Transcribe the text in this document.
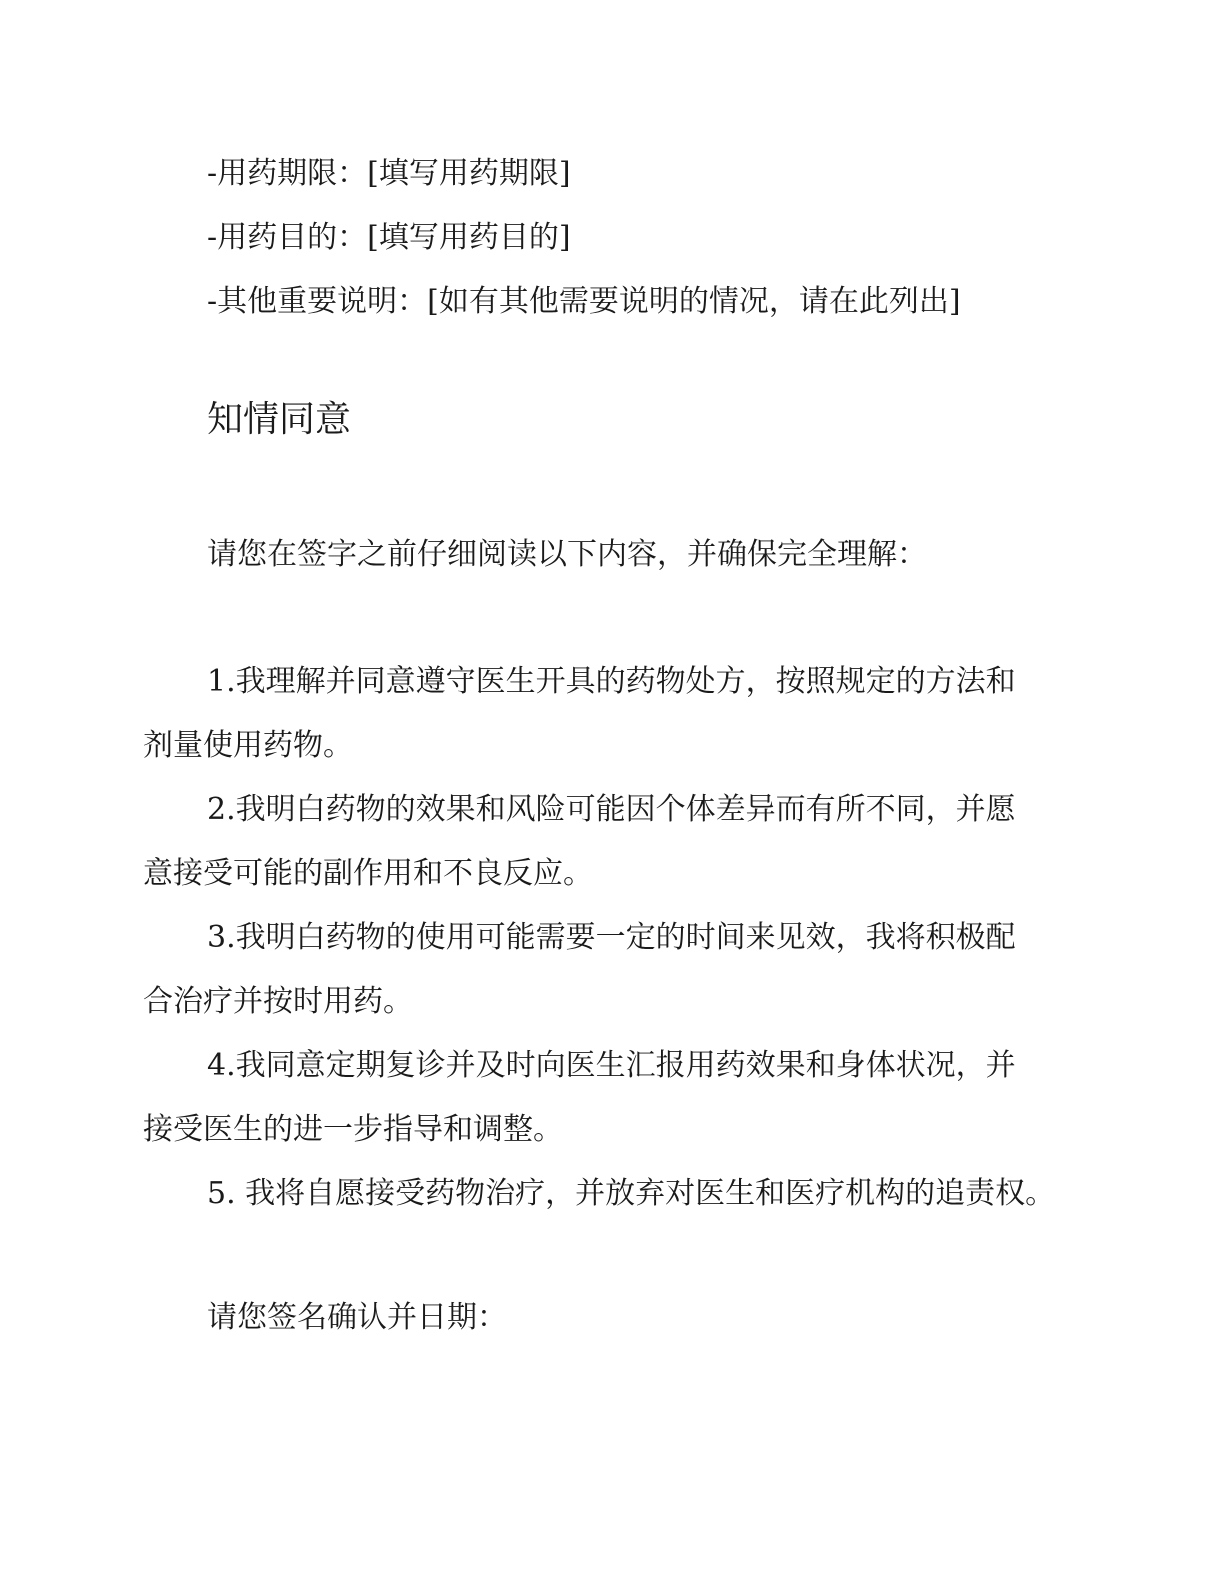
-用药期限：[填写用药期限]
-用药目的：[填写用药目的]
-其他重要说明：[如有其他需要说明的情况，请在此列出]
知情同意
请您在签字之前仔细阅读以下内容，并确保完全理解：
1.我理解并同意遵守医生开具的药物处方，按照规定的方法和
剂量使用药物。
2.我明白药物的效果和风险可能因个体差异而有所不同，并愿
意接受可能的副作用和不良反应。
3.我明白药物的使用可能需要一定的时间来见效，我将积极配
合治疗并按时用药。
4.我同意定期复诊并及时向医生汇报用药效果和身体状况，并
接受医生的进一步指导和调整。
5. 我将自愿接受药物治疗，并放弃对医生和医疗机构的追责权。
请您签名确认并日期：
